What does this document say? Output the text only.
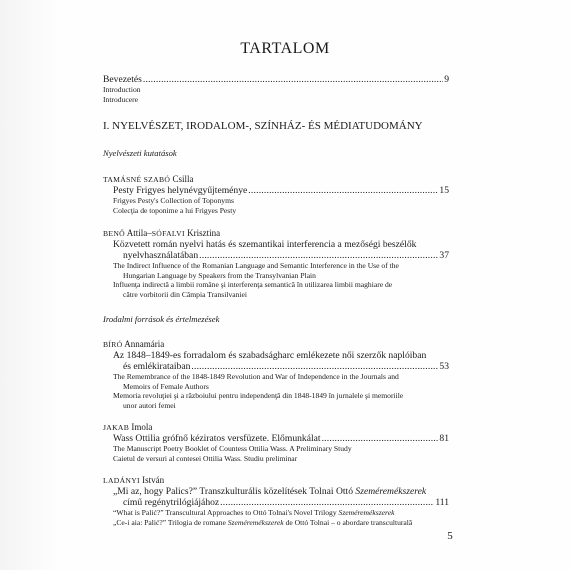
TARTALOM
Bevezetés .....	9
Introduction
Introducere
I. NYELVÉSZET, IRODALOM-, SZÍNHÁZ- ÉS MÉDIATUDOMÁNY
Nyelvészeti kutatások
TAMÁSNÉ SZABÓ Csilla
Pesty Frigyes helynévgyűjteménye .....	15
Frigyes Pesty's Collection of Toponyms
Colecţia de toponime a lui Frigyes Pesty
BENŐ Attila–SÓFALVI Krisztina
Közvetett román nyelvi hatás és szemantikai interferencia a mezőségi beszélők
nyelvhasználatában .....	37
The Indirect Influence of the Romanian Language and Semantic Interference in the Use of the
Hungarian Language by Speakers from the Transylvanian Plain
Influenţa indirectă a limbii române şi interferenţa semantică în utilizarea limbii maghiare de
către vorbitorii din Câmpia Transilvaniei
Irodalmi források és értelmezések
BÍRÓ Annamária
Az 1848–1849-es forradalom és szabadságharc emlékezete női szerzők naplóiban
és emlékirataiban .....	53
The Remembrance of the 1848-1849 Revolution and War of Independence in the Journals and
Memoirs of Female Authors
Memoria revoluţiei şi a războiului pentru independenţă din 1848-1849 în jurnalele şi memoriile
unor autori femei
JAKAB Imola
Wass Ottilia grófnő kéziratos versfüzete. Előmunkálat .....	81
The Manuscript Poetry Booklet of Countess Ottilia Wass. A Preliminary Study
Caietul de versuri al contesei Ottilia Wass. Studiu preliminar
LADÁNYI István
„Mi az, hogy Palics?” Transzkulturális közelítések Tolnai Ottó Szeméremékszerek
című regénytrilógiájához .....	111
“What is Palić?” Transcultural Approaches to Ottó Tolnai's Novel Trilogy Szeméremékszerek
„Ce-i aia: Palić?” Trilogia de romane Szeméremékszerek de Ottó Tolnai – o abordare transculturală
5
